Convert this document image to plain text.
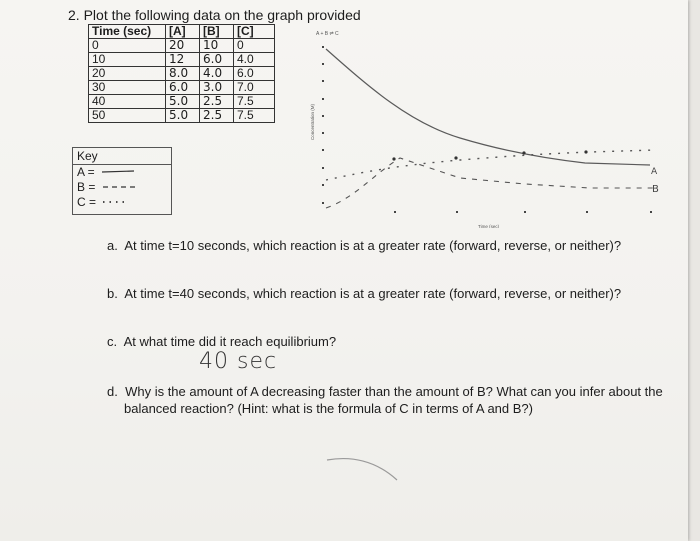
2. Plot the following data on the graph provided
Time (sec)	[A]	[B]	[C]
0	20	10	0
10	12	6.0	4.0
20	8.0	4.0	6.0
30	6.0	3.0	7.0
40	5.0	2.5	7.5
50	5.0	2.5	7.5
Key
A =
B =
C =
A + B ⇌ C
Concentration (M)
Time (sec)
A
B
a. At time t=10 seconds, which reaction is at a greater rate (forward, reverse, or neither)?
b. At time t=40 seconds, which reaction is at a greater rate (forward, reverse, or neither)?
c. At what time did it reach equilibrium?
40 sec
d. Why is the amount of A decreasing faster than the amount of B? What can you infer about the
balanced reaction? (Hint: what is the formula of C in terms of A and B?)
